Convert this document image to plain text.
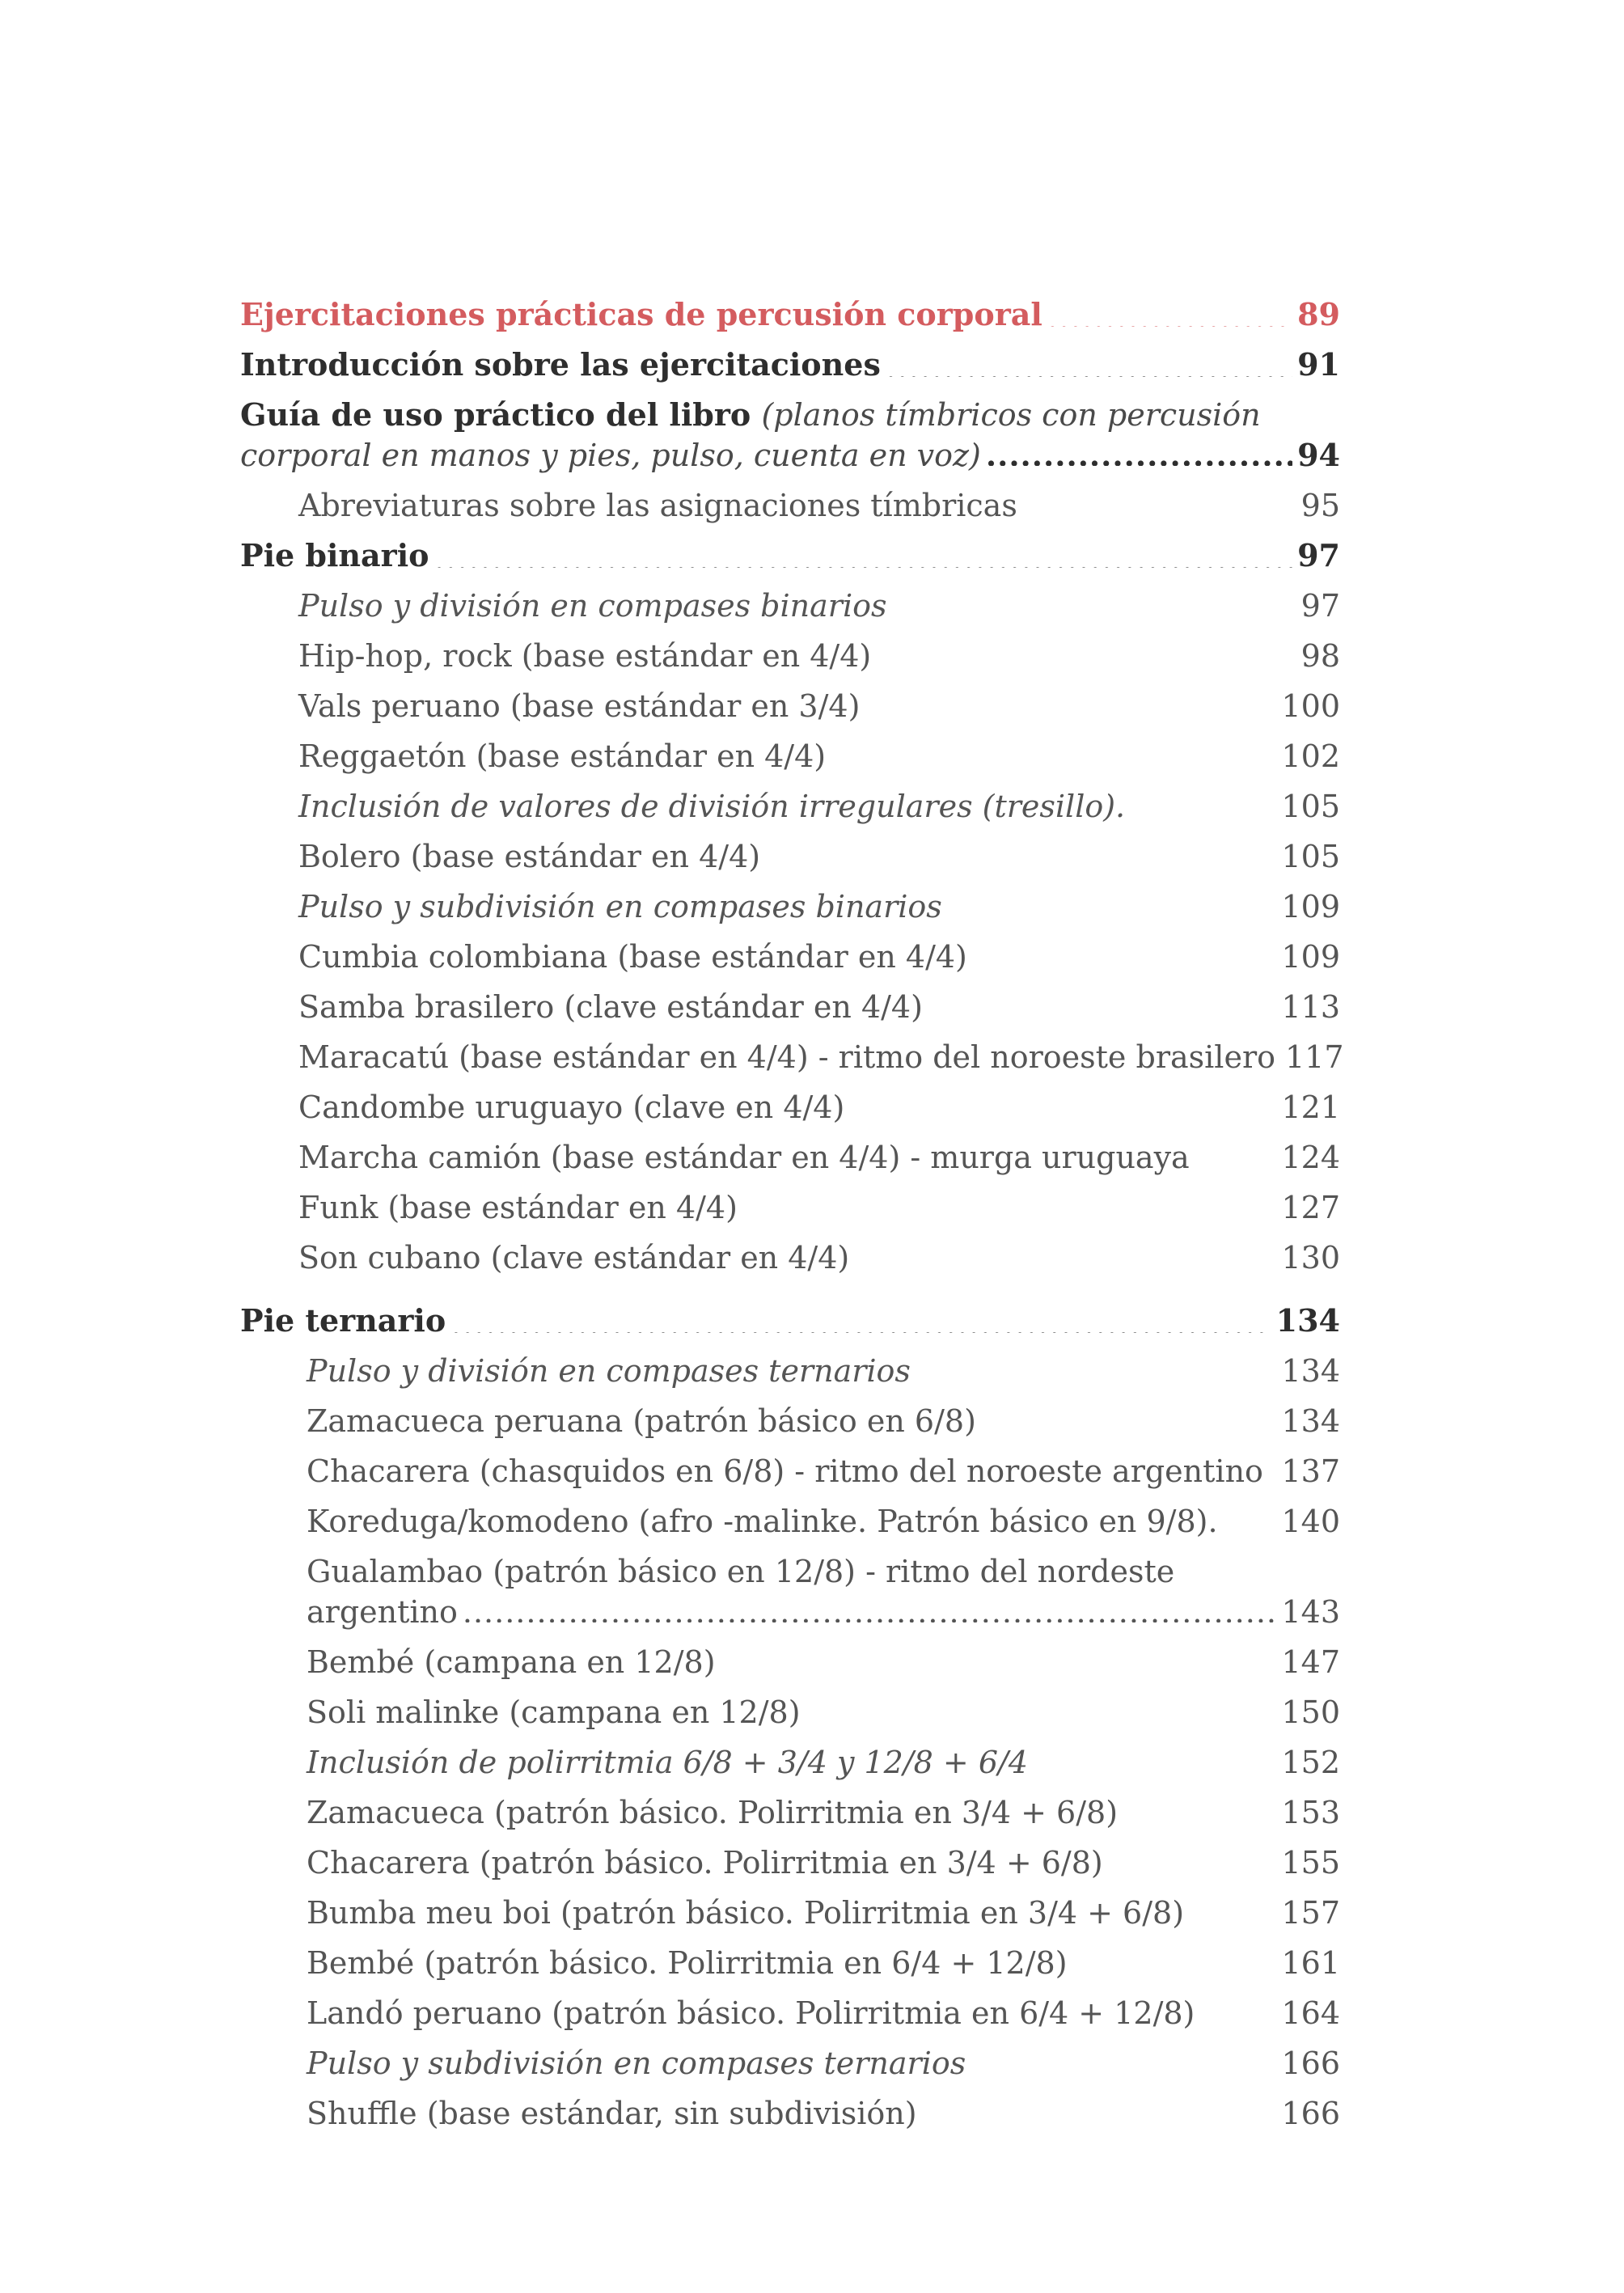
Ejercitaciones prácticas de percusión corporal .....	89
Introducción sobre las ejercitaciones .....	91
Guía de uso práctico del libro (planos tímbricos con percusión
corporal en manos y pies, pulso, cuenta en voz) .....	94
Abreviaturas sobre las asignaciones tímbricas .....	95
Pie binario .....	97
Pulso y división en compases binarios .....	97
Hip-hop, rock (base estándar en 4/4) .....	98
Vals peruano (base estándar en 3/4) .....	100
Reggaetón (base estándar en 4/4) .....	102
Inclusión de valores de división irregulares (tresillo). .....	105
Bolero (base estándar en 4/4) .....	105
Pulso y subdivisión en compases binarios .....	109
Cumbia colombiana (base estándar en 4/4) .....	109
Samba brasilero (clave estándar en 4/4) .....	113
Maracatú (base estándar en 4/4) - ritmo del noroeste brasilero 117
Candombe uruguayo (clave en 4/4) .....	121
Marcha camión (base estándar en 4/4) - murga uruguaya .....	124
Funk (base estándar en 4/4) .....	127
Son cubano (clave estándar en 4/4) .....	130
Pie ternario .....	134
Pulso y división en compases ternarios .....	134
Zamacueca peruana (patrón básico en 6/8) .....	134
Chacarera (chasquidos en 6/8) - ritmo del noroeste argentino ..... 137
Koreduga/komodeno (afro -malinke. Patrón básico en 9/8). ..... 140
Gualambao (patrón básico en 12/8) - ritmo del nordeste
argentino .....	143
Bembé (campana en 12/8) .....	147
Soli malinke (campana en 12/8) .....	150
Inclusión de polirritmia 6/8 + 3/4 y 12/8 + 6/4 .....	152
Zamacueca (patrón básico. Polirritmia en 3/4 + 6/8) .....	153
Chacarera (patrón básico. Polirritmia en 3/4 + 6/8) .....	155
Bumba meu boi (patrón básico. Polirritmia en 3/4 + 6/8) .....	157
Bembé (patrón básico. Polirritmia en 6/4 + 12/8) .....	161
Landó peruano (patrón básico. Polirritmia en 6/4 + 12/8) .....	164
Pulso y subdivisión en compases ternarios .....	166
Shuffle (base estándar, sin subdivisión) .....	166
